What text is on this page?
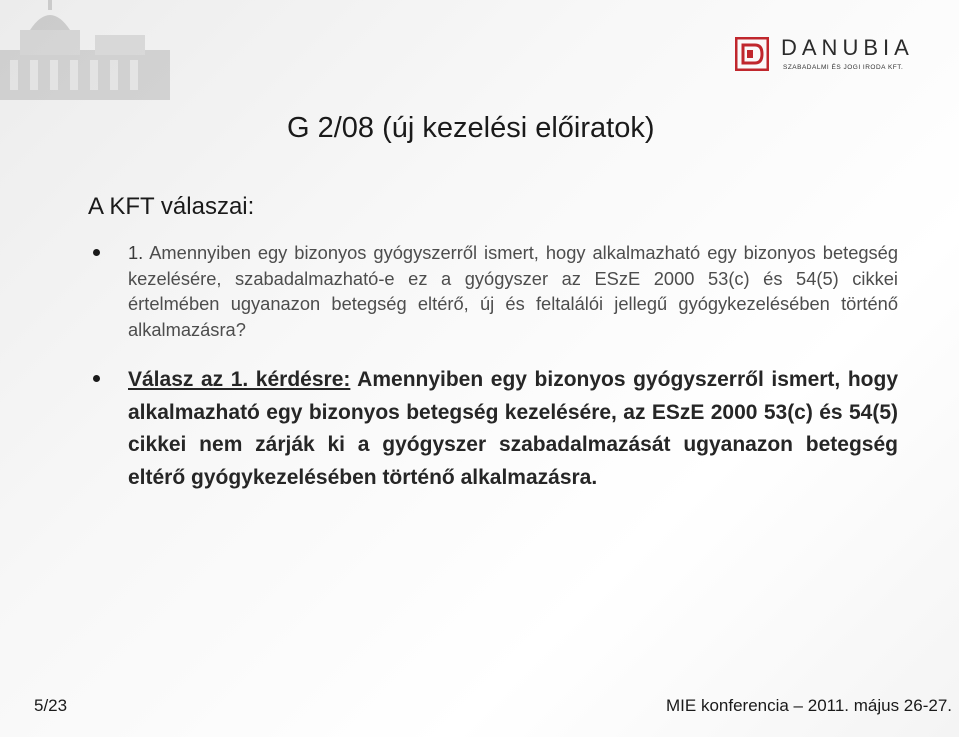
DANUBIA
SZABADALMI ÉS JOGI IRODA KFT.
G 2/08 (új kezelési előiratok)
A KFT válaszai:
1. Amennyiben egy bizonyos gyógyszerről ismert, hogy alkalmazható egy bizonyos betegség kezelésére, szabadalmazható-e ez a gyógyszer az ESzE 2000 53(c) és 54(5) cikkei értelmében ugyanazon betegség eltérő, új és feltalálói jellegű gyógykezelésében történő alkalmazásra?
Válasz az 1. kérdésre: Amennyiben egy bizonyos gyógyszerről ismert, hogy alkalmazható egy bizonyos betegség kezelésére, az ESzE 2000 53(c) és 54(5) cikkei nem zárják ki a gyógyszer szabadalmazását ugyanazon betegség eltérő gyógykezelésében történő alkalmazásra.
5/23	MIE konferencia – 2011. május 26-27.
